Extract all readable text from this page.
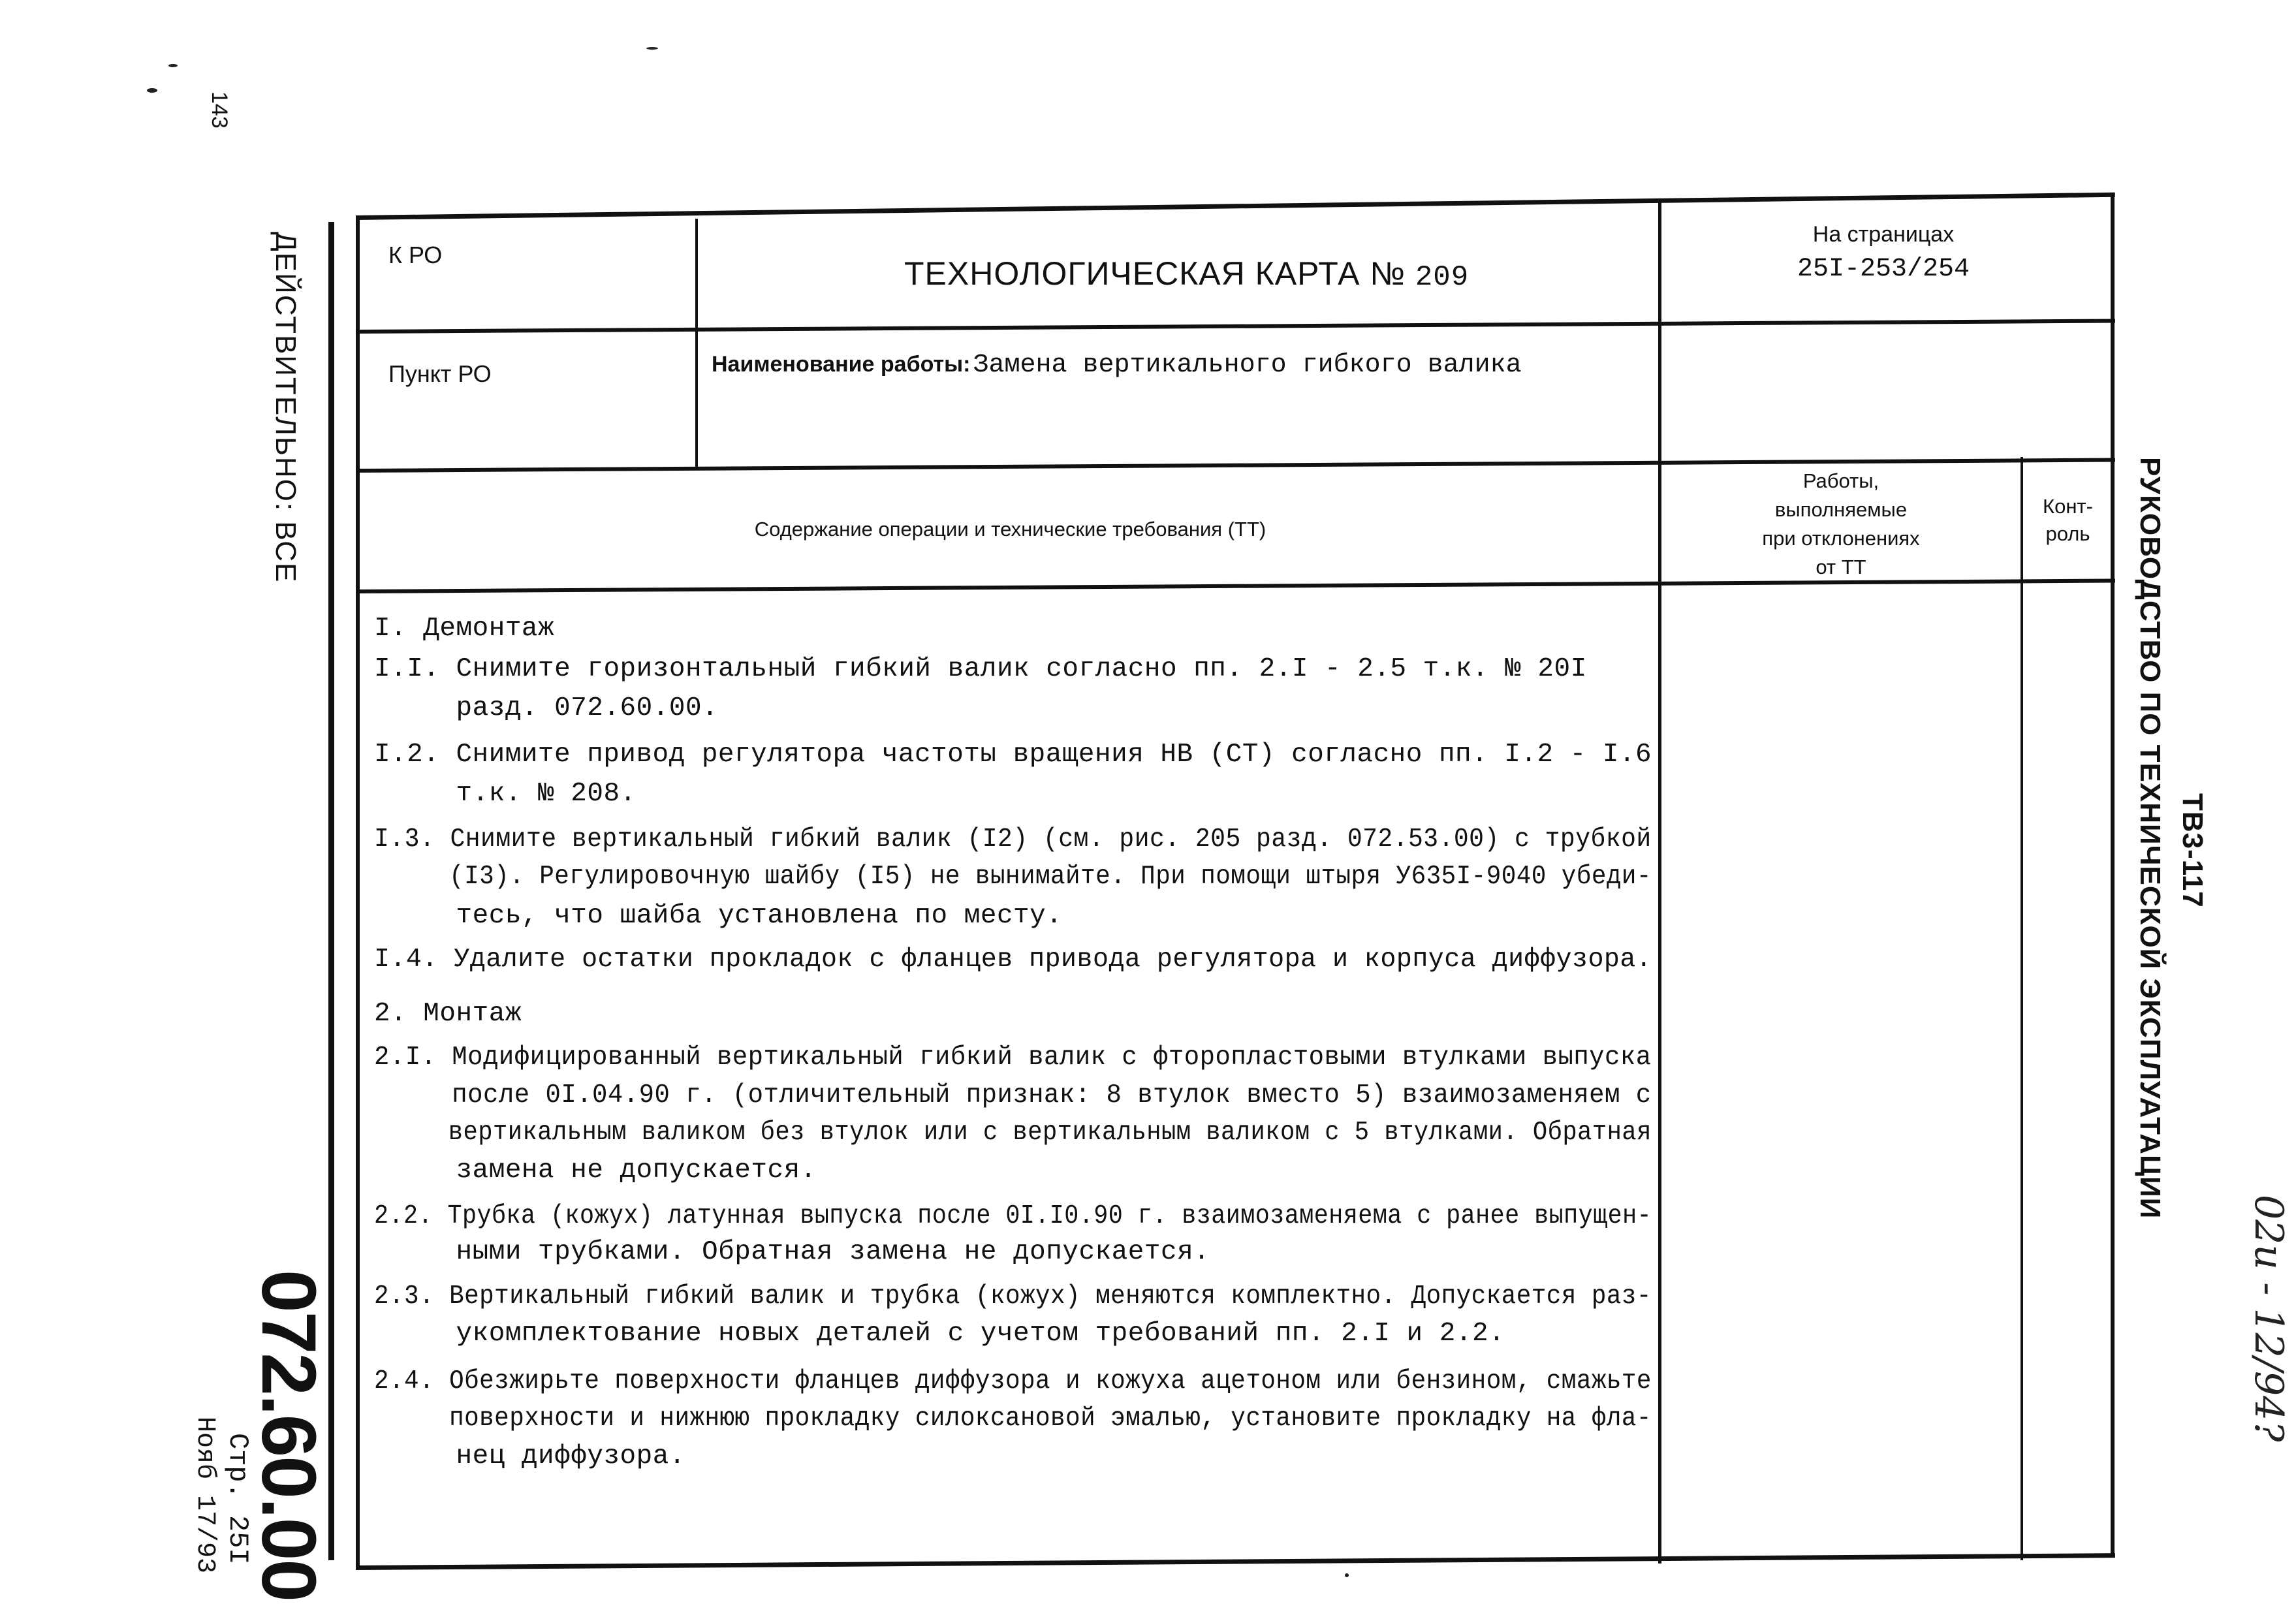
143
ДЕЙСТВИТЕЛЬНО: ВСЕ
072.60.00
Стр. 25I
Нояб 17/93
РУКОВОДСТВО ПО ТЕХНИЧЕСКОЙ ЭКСПЛУАТАЦИИ ТВ3-117
02и - 12/94?
К РО
ТЕХНОЛОГИЧЕСКАЯ КАРТА № 209
На страницах
25I-253/254
Пункт РО	Наименование работы: Замена вертикального гибкого валика
Содержание операции и технические требования (ТТ)
Работы,
выполняемые
при отклонениях
от ТТ
Конт-
роль
I. Демонтаж
I.I. Снимите горизонтальный гибкий валик согласно пп. 2.I - 2.5 т.к. № 20I
разд. 072.60.00.
I.2. Снимите привод регулятора частоты вращения НВ (СТ) согласно пп. I.2 - I.6
т.к. № 208.
I.3. Снимите вертикальный гибкий валик (I2) (см. рис. 205 разд. 072.53.00) с трубкой
(I3). Регулировочную шайбу (I5) не вынимайте. При помощи штыря У635I-9040 убеди-
тесь, что шайба установлена по месту.
I.4. Удалите остатки прокладок с фланцев привода регулятора и корпуса диффузора.
2. Монтаж
2.I. Модифицированный вертикальный гибкий валик с фторопластовыми втулками выпуска
после 0I.04.90 г. (отличительный признак: 8 втулок вместо 5) взаимозаменяем с
вертикальным валиком без втулок или с вертикальным валиком с 5 втулками. Обратная
замена не допускается.
2.2. Трубка (кожух) латунная выпуска после 0I.I0.90 г. взаимозаменяема с ранее выпущен-
ными трубками. Обратная замена не допускается.
2.3. Вертикальный гибкий валик и трубка (кожух) меняются комплектно. Допускается раз-
укомплектование новых деталей с учетом требований пп. 2.I и 2.2.
2.4. Обезжирьте поверхности фланцев диффузора и кожуха ацетоном или бензином, смажьте
поверхности и нижнюю прокладку силоксановой эмалью, установите прокладку на фла-
нец диффузора.
